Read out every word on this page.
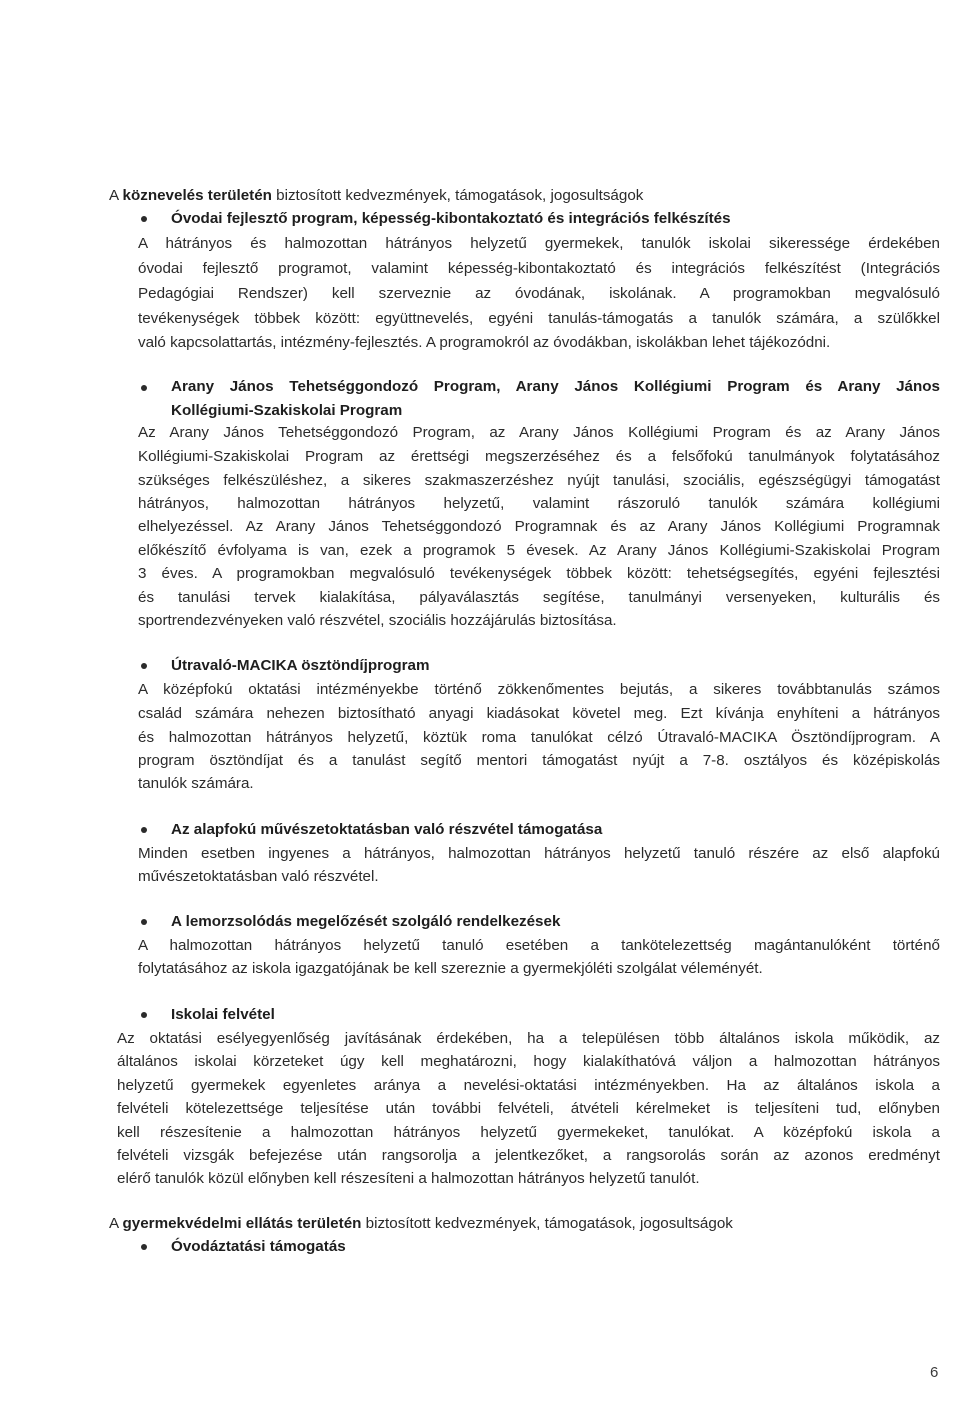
A köznevelés területén biztosított kedvezmények, támogatások, jogosultságok
Óvodai fejlesztő program, képesség-kibontakoztató és integrációs felkészítés
A hátrányos és halmozottan hátrányos helyzetű gyermekek, tanulók iskolai sikeressége érdekében
óvodai fejlesztő programot, valamint képesség-kibontakoztató és integrációs felkészítést (Integrációs
Pedagógiai Rendszer) kell szerveznie az óvodának, iskolának. A programokban megvalósuló
tevékenységek többek között: együttnevelés, egyéni tanulás-támogatás a tanulók számára, a szülőkkel
való kapcsolattartás, intézmény-fejlesztés. A programokról az óvodákban, iskolákban lehet tájékozódni.
Arany János Tehetséggondozó Program, Arany János Kollégiumi Program és Arany János
Kollégiumi-Szakiskolai Program
Az Arany János Tehetséggondozó Program, az Arany János Kollégiumi Program és az Arany János
Kollégiumi-Szakiskolai Program az érettségi megszerzéséhez és a felsőfokú tanulmányok folytatásához
szükséges felkészüléshez, a sikeres szakmaszerzéshez nyújt tanulási, szociális, egészségügyi támogatást
hátrányos, halmozottan hátrányos helyzetű, valamint rászoruló tanulók számára kollégiumi
elhelyezéssel. Az Arany János Tehetséggondozó Programnak és az Arany János Kollégiumi Programnak
előkészítő évfolyama is van, ezek a programok 5 évesek. Az Arany János Kollégiumi-Szakiskolai Program
3 éves. A programokban megvalósuló tevékenységek többek között: tehetségsegítés, egyéni fejlesztési
és tanulási tervek kialakítása, pályaválasztás segítése, tanulmányi versenyeken, kulturális és
sportrendezvényeken való részvétel, szociális hozzájárulás biztosítása.
Útravaló-MACIKA ösztöndíjprogram
A középfokú oktatási intézményekbe történő zökkenőmentes bejutás, a sikeres továbbtanulás számos
család számára nehezen biztosítható anyagi kiadásokat követel meg. Ezt kívánja enyhíteni a hátrányos
és halmozottan hátrányos helyzetű, köztük roma tanulókat célzó Útravaló-MACIKA Ösztöndíjprogram. A
program ösztöndíjat és a tanulást segítő mentori támogatást nyújt a 7-8. osztályos és középiskolás
tanulók számára.
Az alapfokú művészetoktatásban való részvétel támogatása
Minden esetben ingyenes a hátrányos, halmozottan hátrányos helyzetű tanuló részére az első alapfokú
művészetoktatásban való részvétel.
A lemorzsolódás megelőzését szolgáló rendelkezések
A halmozottan hátrányos helyzetű tanuló esetében a tankötelezettség magántanulóként történő
folytatásához az iskola igazgatójának be kell szereznie a gyermekjóléti szolgálat véleményét.
Iskolai felvétel
Az oktatási esélyegyenlőség javításának érdekében, ha a településen több általános iskola működik, az
általános iskolai körzeteket úgy kell meghatározni, hogy kialakíthatóvá váljon a halmozottan hátrányos
helyzetű gyermekek egyenletes aránya a nevelési-oktatási intézményekben. Ha az általános iskola a
felvételi kötelezettsége teljesítése után további felvételi, átvételi kérelmeket is teljesíteni tud, előnyben
kell részesítenie a halmozottan hátrányos helyzetű gyermekeket, tanulókat. A középfokú iskola a
felvételi vizsgák befejezése után rangsorolja a jelentkezőket, a rangsorolás során az azonos eredményt
elérő tanulók közül előnyben kell részesíteni a halmozottan hátrányos helyzetű tanulót.
A gyermekvédelmi ellátás területén biztosított kedvezmények, támogatások, jogosultságok
Óvodáztatási támogatás
6
